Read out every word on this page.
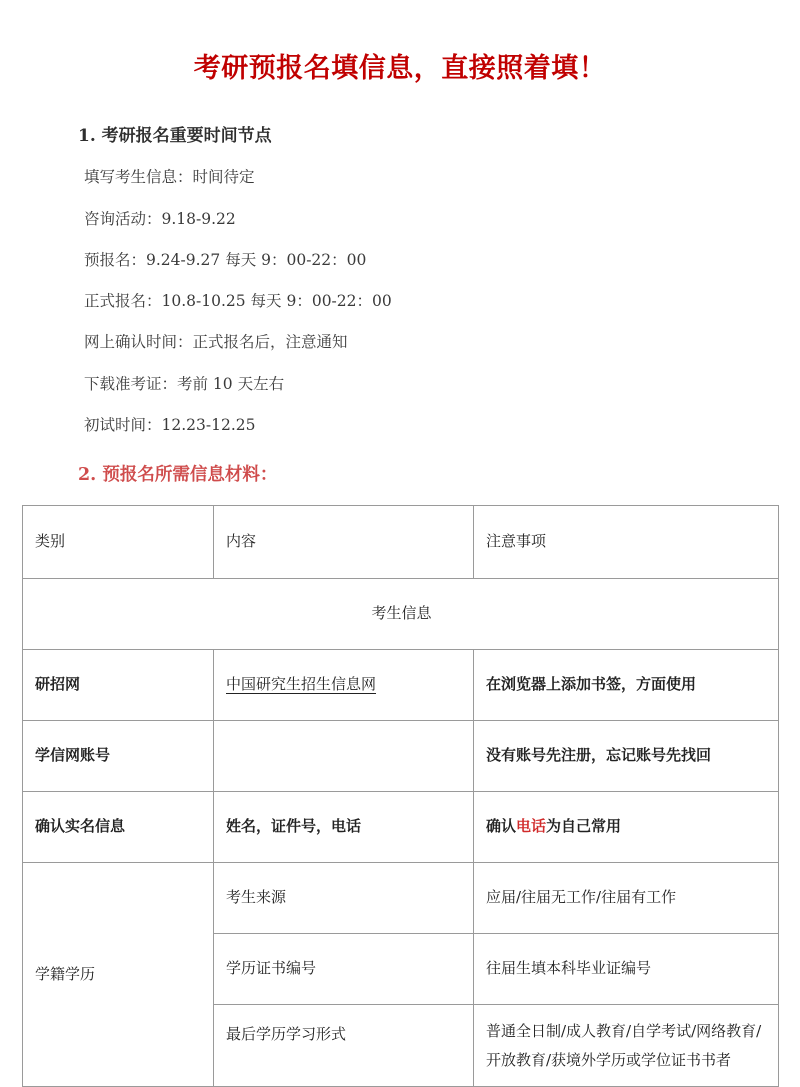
考研预报名填信息，直接照着填！
1. 考研报名重要时间节点

填写考生信息：时间待定

咨询活动：9.18-9.22

预报名：9.24-9.27 每天 9：00-22：00

正式报名：10.8-10.25 每天 9：00-22：00

网上确认时间：正式报名后，注意通知

下载准考证：考前 10 天左右

初试时间：12.23-12.25

2. 预报名所需信息材料：
类别	内容	注意事项
考生信息		
研招网	中国研究生招生信息网	在浏览器上添加书签，方面使用
学信网账号		没有账号先注册，忘记账号先找回
确认实名信息	姓名，证件号，电话	确认电话为自己常用
学籍学历	考生来源	应届/往届无工作/往届有工作
	学历证书编号	往届生填本科毕业证编号
	最后学历学习形式	普通全日制/成人教育/自学考试/网络教育/开放教育/获境外学历或学位证书书者
